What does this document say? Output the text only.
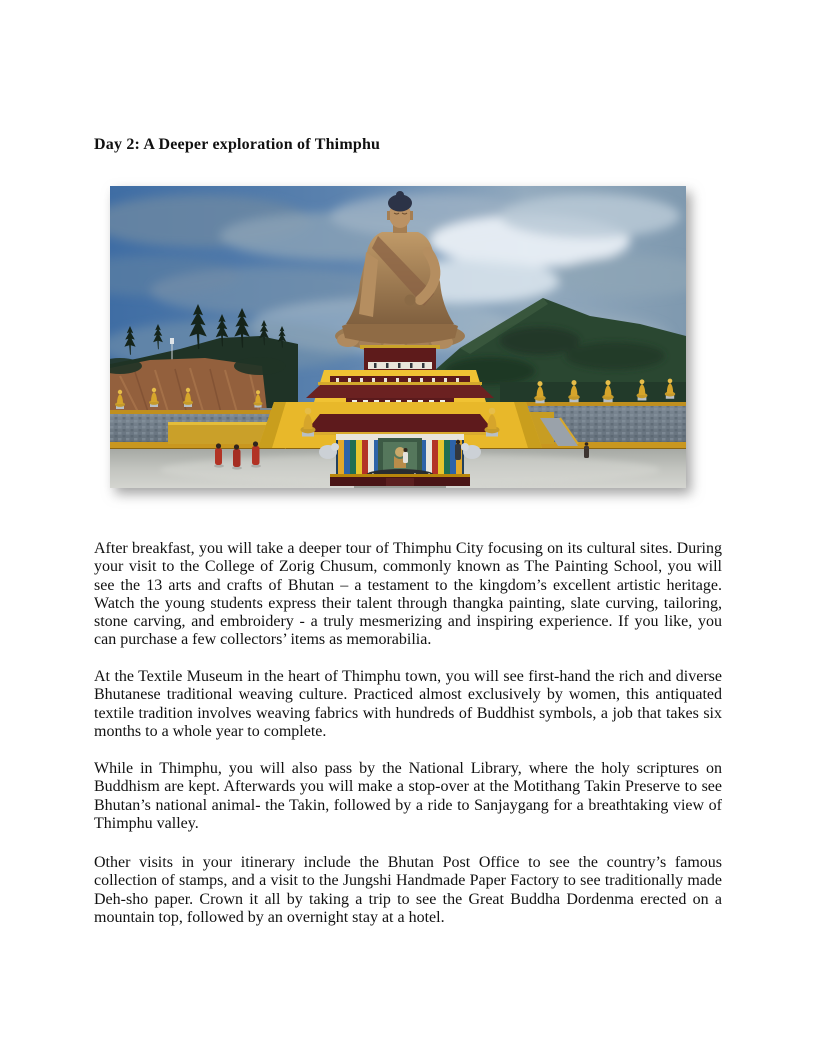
Day 2: A Deeper exploration of Thimphu

After breakfast, you will take a deeper tour of Thimphu City focusing on its cultural sites. During your visit to the College of Zorig Chusum, commonly known as The Painting School, you will see the 13 arts and crafts of Bhutan – a testament to the kingdom’s excellent artistic heritage. Watch the young students express their talent through thangka painting, slate curving, tailoring, stone carving, and embroidery - a truly mesmerizing and inspiring experience. If you like, you can purchase a few collectors’ items as memorabilia.

At the Textile Museum in the heart of Thimphu town, you will see first-hand the rich and diverse Bhutanese traditional weaving culture. Practiced almost exclusively by women, this antiquated textile tradition involves weaving fabrics with hundreds of Buddhist symbols, a job that takes six months to a whole year to complete.

While in Thimphu, you will also pass by the National Library, where the holy scriptures on Buddhism are kept. Afterwards you will make a stop-over at the Motithang Takin Preserve to see Bhutan’s national animal- the Takin, followed by a ride to Sanjaygang for a breathtaking view of Thimphu valley.

Other visits in your itinerary include the Bhutan Post Office to see the country’s famous collection of stamps, and a visit to the Jungshi Handmade Paper Factory to see traditionally made Deh-sho paper. Crown it all by taking a trip to see the Great Buddha Dordenma erected on a mountain top, followed by an overnight stay at a hotel.
